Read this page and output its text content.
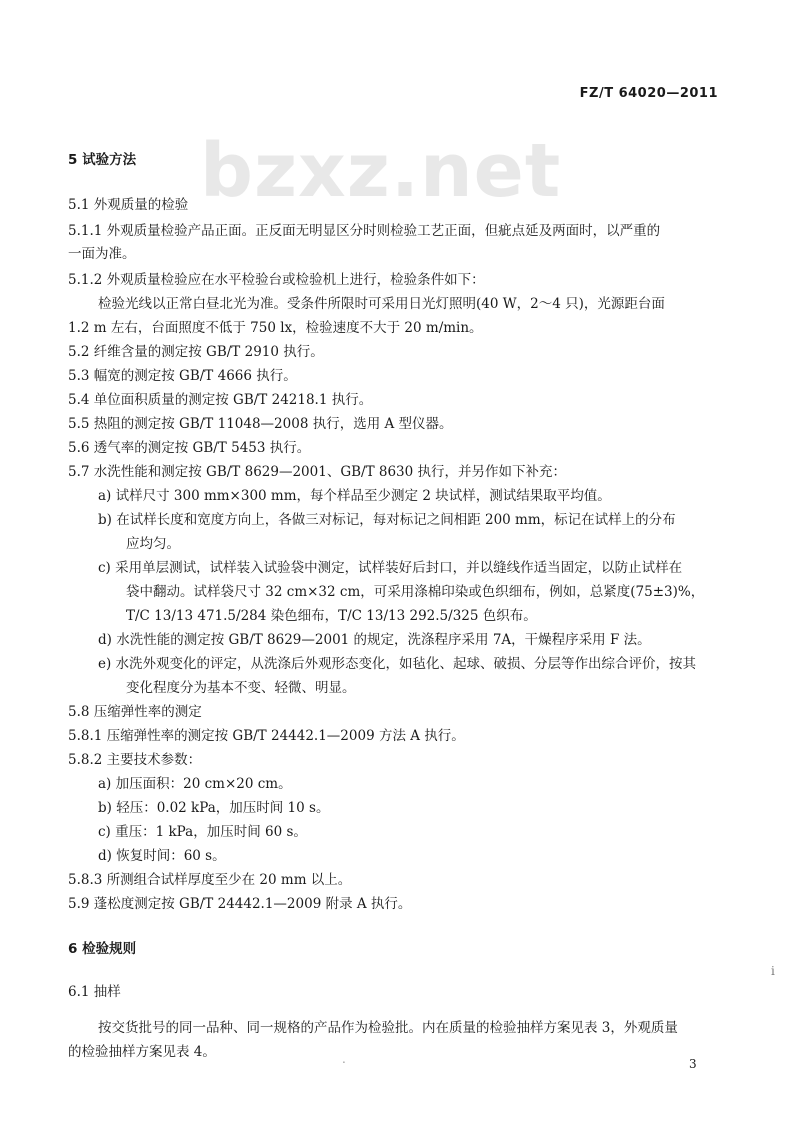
bzxz.net
FZ/T 64020—2011
5 试验方法
5.1 外观质量的检验
5.1.1 外观质量检验产品正面。正反面无明显区分时则检验工艺正面，但疵点延及两面时，以严重的
一面为准。
5.1.2 外观质量检验应在水平检验台或检验机上进行，检验条件如下：
检验光线以正常白昼北光为准。受条件所限时可采用日光灯照明(40 W，2～4 只)，光源距台面
1.2 m 左右，台面照度不低于 750 lx，检验速度不大于 20 m/min。
5.2 纤维含量的测定按 GB/T 2910 执行。
5.3 幅宽的测定按 GB/T 4666 执行。
5.4 单位面积质量的测定按 GB/T 24218.1 执行。
5.5 热阻的测定按 GB/T 11048—2008 执行，选用 A 型仪器。
5.6 透气率的测定按 GB/T 5453 执行。
5.7 水洗性能和测定按 GB/T 8629—2001、GB/T 8630 执行，并另作如下补充：
a) 试样尺寸 300 mm×300 mm，每个样品至少测定 2 块试样，测试结果取平均值。
b) 在试样长度和宽度方向上，各做三对标记，每对标记之间相距 200 mm，标记在试样上的分布
应均匀。
c) 采用单层测试，试样装入试验袋中测定，试样装好后封口，并以缝线作适当固定，以防止试样在
袋中翻动。试样袋尺寸 32 cm×32 cm，可采用涤棉印染或色织细布，例如，总紧度(75±3)%，
T/C 13/13 471.5/284 染色细布，T/C 13/13 292.5/325 色织布。
d) 水洗性能的测定按 GB/T 8629—2001 的规定，洗涤程序采用 7A，干燥程序采用 F 法。
e) 水洗外观变化的评定，从洗涤后外观形态变化，如毡化、起球、破损、分层等作出综合评价，按其
变化程度分为基本不变、轻微、明显。
5.8 压缩弹性率的测定
5.8.1 压缩弹性率的测定按 GB/T 24442.1—2009 方法 A 执行。
5.8.2 主要技术参数：
a) 加压面积：20 cm×20 cm。
b) 轻压：0.02 kPa，加压时间 10 s。
c) 重压：1 kPa，加压时间 60 s。
d) 恢复时间：60 s。
5.8.3 所测组合试样厚度至少在 20 mm 以上。
5.9 蓬松度测定按 GB/T 24442.1—2009 附录 A 执行。
6 检验规则
6.1 抽样
按交货批号的同一品种、同一规格的产品作为检验批。内在质量的检验抽样方案见表 3，外观质量
的检验抽样方案见表 4。
i
.	3
